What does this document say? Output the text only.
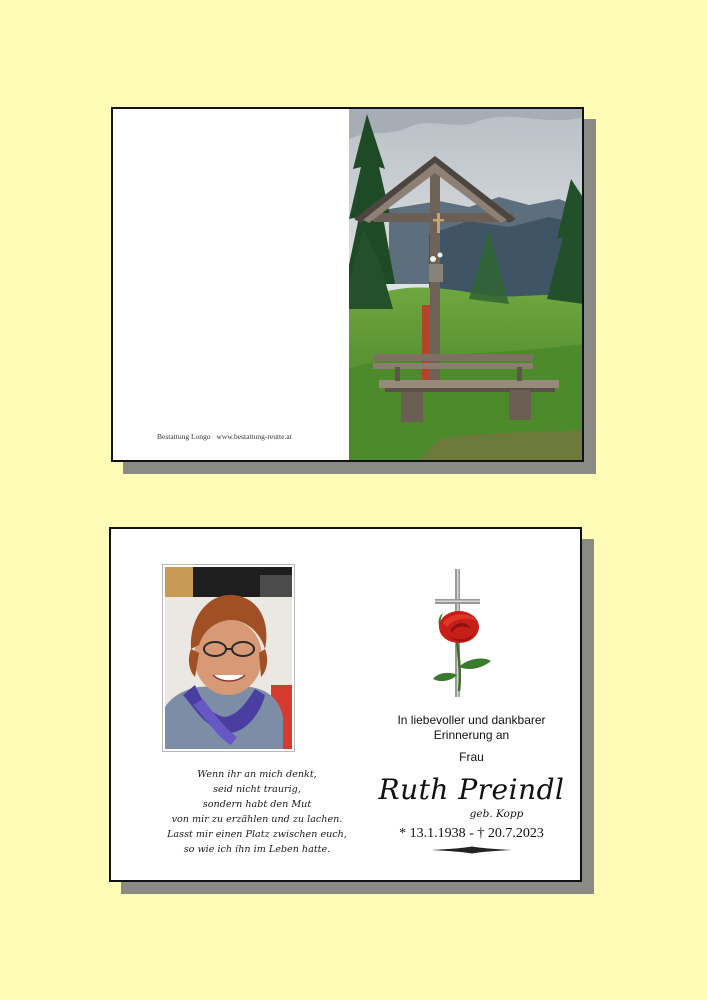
Bestattung Longo www.bestattung-reutte.at
Wenn ihr an mich denkt,
seid nicht traurig,
sondern habt den Mut
von mir zu erzählen und zu lachen.
Lasst mir einen Platz zwischen euch,
so wie ich ihn im Leben hatte.
In liebevoller und dankbarer
Erinnerung an
Frau
Ruth Preindl
geb. Kopp
* 13.1.1938 - † 20.7.2023
